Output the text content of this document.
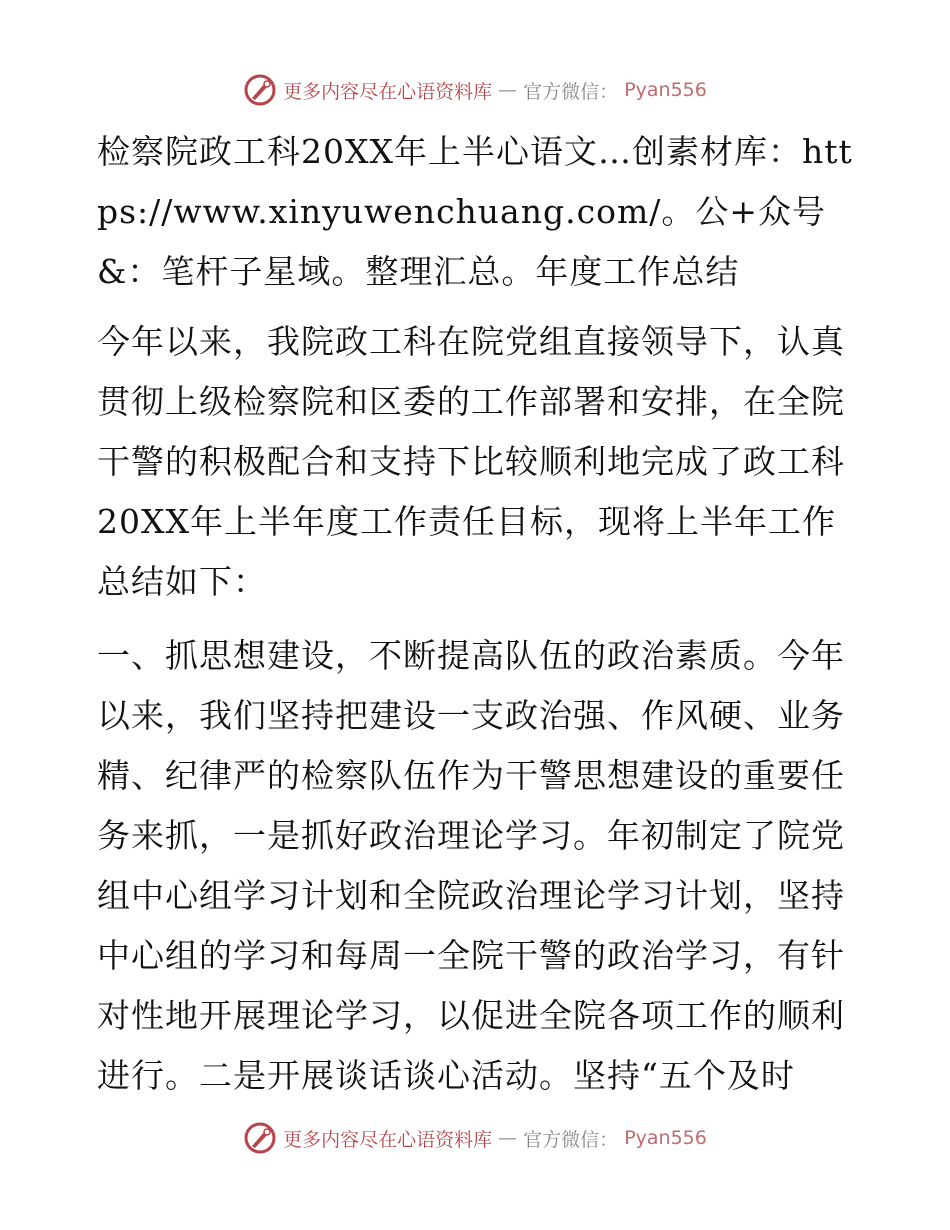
更多内容尽在心语资料库 — 官方微信： Pyan556

检察院政工科20XX年上半心语文…创素材库：https://www.xinyuwenchuang.com/。公+众号&：笔杆子星域。整理汇总。年度工作总结

今年以来，我院政工科在院党组直接领导下，认真贯彻上级检察院和区委的工作部署和安排，在全院干警的积极配合和支持下比较顺利地完成了政工科20XX年上半年度工作责任目标，现将上半年工作总结如下：

一、抓思想建设，不断提高队伍的政治素质。今年以来，我们坚持把建设一支政治强、作风硬、业务精、纪律严的检察队伍作为干警思想建设的重要任务来抓，一是抓好政治理论学习。年初制定了院党组中心组学习计划和全院政治理论学习计划，坚持中心组的学习和每周一全院干警的政治学习，有针对性地开展理论学习，以促进全院各项工作的顺利进行。二是开展谈话谈心活动。坚持“五个及时

更多内容尽在心语资料库 — 官方微信： Pyan556
